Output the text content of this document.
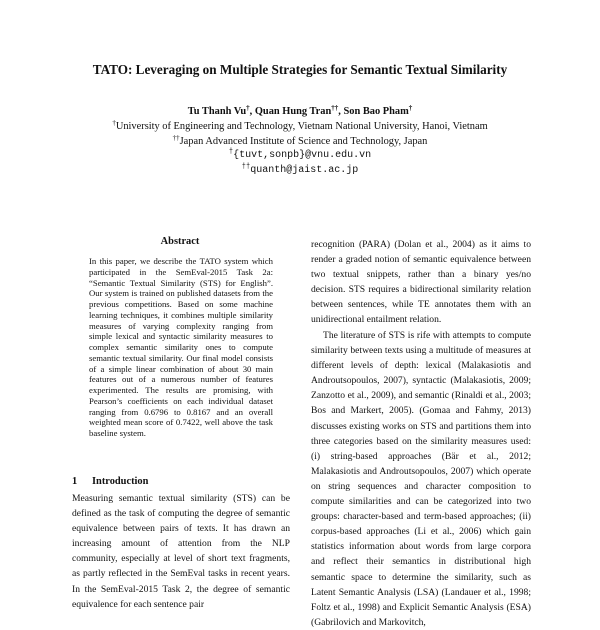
TATO: Leveraging on Multiple Strategies for Semantic Textual Similarity
Tu Thanh Vu†, Quan Hung Tran††, Son Bao Pham†
†University of Engineering and Technology, Vietnam National University, Hanoi, Vietnam
††Japan Advanced Institute of Science and Technology, Japan
†{tuvt,sonpb}@vnu.edu.vn
††quanth@jaist.ac.jp
Abstract
In this paper, we describe the TATO system which participated in the SemEval-2015 Task 2a: “Semantic Textual Similarity (STS) for English”. Our system is trained on published datasets from the previous competitions. Based on some machine learning techniques, it combines multiple similarity measures of varying complexity ranging from simple lexical and syntactic similarity measures to complex semantic similarity ones to compute semantic textual similarity. Our final model consists of a simple linear combination of about 30 main features out of a numerous number of features experimented. The results are promising, with Pearson’s coefficients on each individual dataset ranging from 0.6796 to 0.8167 and an overall weighted mean score of 0.7422, well above the task baseline system.
1 Introduction
Measuring semantic textual similarity (STS) can be defined as the task of computing the degree of semantic equivalence between pairs of texts. It has drawn an increasing amount of attention from the NLP community, especially at level of short text fragments, as partly reflected in the SemEval tasks in recent years. In the SemEval-2015 Task 2, the degree of semantic equivalence for each sentence pair
recognition (PARA) (Dolan et al., 2004) as it aims to render a graded notion of semantic equivalence between two textual snippets, rather than a binary yes/no decision. STS requires a bidirectional similarity relation between sentences, while TE annotates them with an unidirectional entailment relation.
The literature of STS is rife with attempts to compute similarity between texts using a multitude of measures at different levels of depth: lexical (Malakasiotis and Androutsopoulos, 2007), syntactic (Malakasiotis, 2009; Zanzotto et al., 2009), and semantic (Rinaldi et al., 2003; Bos and Markert, 2005). (Gomaa and Fahmy, 2013) discusses existing works on STS and partitions them into three categories based on the similarity measures used: (i) string-based approaches (Bär et al., 2012; Malakasiotis and Androutsopoulos, 2007) which operate on string sequences and character composition to compute similarities and can be categorized into two groups: character-based and term-based approaches; (ii) corpus-based approaches (Li et al., 2006) which gain statistics information about words from large corpora and reflect their semantics in distributional high semantic space to determine the similarity, such as Latent Semantic Analysis (LSA) (Landauer et al., 1998; Foltz et al., 1998) and Explicit Semantic Analysis (ESA) (Gabrilovich and Markovitch,
